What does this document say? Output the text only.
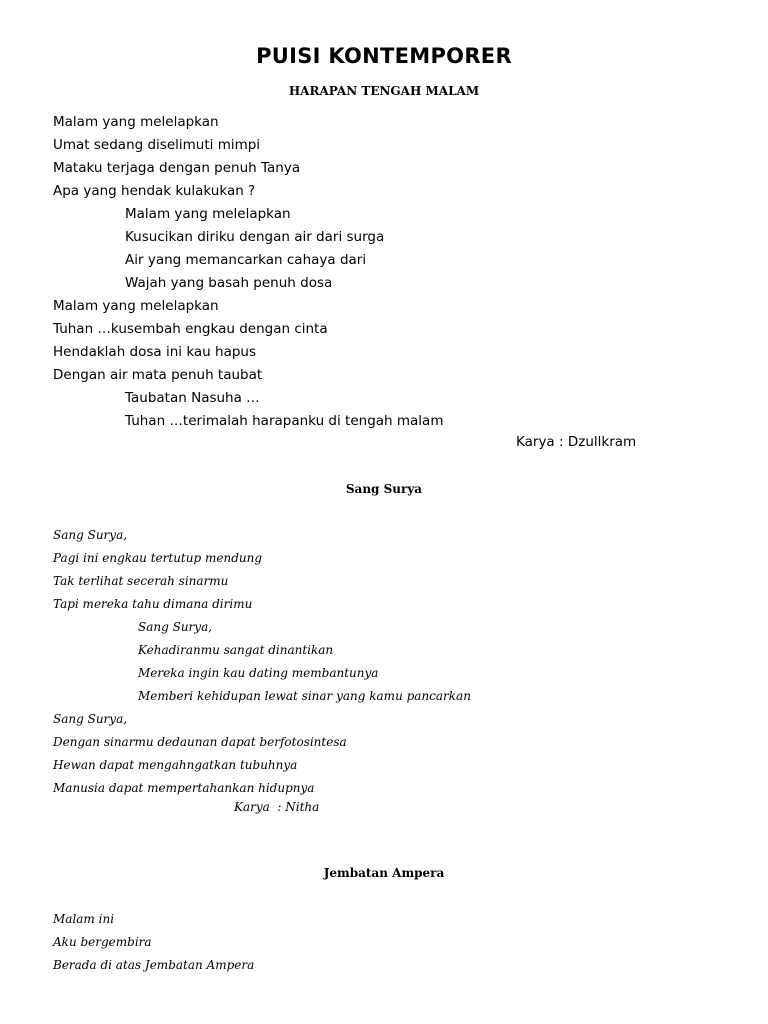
PUISI KONTEMPORER
HARAPAN TENGAH MALAM
Malam yang melelapkan
Umat sedang diselimuti mimpi
Mataku terjaga dengan penuh Tanya
Apa yang hendak kulakukan ?
Malam yang melelapkan
Kusucikan diriku dengan air dari surga
Air yang memancarkan cahaya dari
Wajah yang basah penuh dosa
Malam yang melelapkan
Tuhan …kusembah engkau dengan cinta
Hendaklah dosa ini kau hapus
Dengan air mata penuh taubat
Taubatan Nasuha …
Tuhan …terimalah harapanku di tengah malam
Karya : Dzullkram
Sang Surya
Sang Surya,
Pagi ini engkau tertutup mendung
Tak terlihat secerah sinarmu
Tapi mereka tahu dimana dirimu
Sang Surya,
Kehadiranmu sangat dinantikan
Mereka ingin kau dating membantunya
Memberi kehidupan lewat sinar yang kamu pancarkan
Sang Surya,
Dengan sinarmu dedaunan dapat berfotosintesa
Hewan dapat mengahngatkan tubuhnya
Manusia dapat mempertahankan hidupnya
Karya  : Nitha
Jembatan Ampera
Malam ini
Aku bergembira
Berada di atas Jembatan Ampera
